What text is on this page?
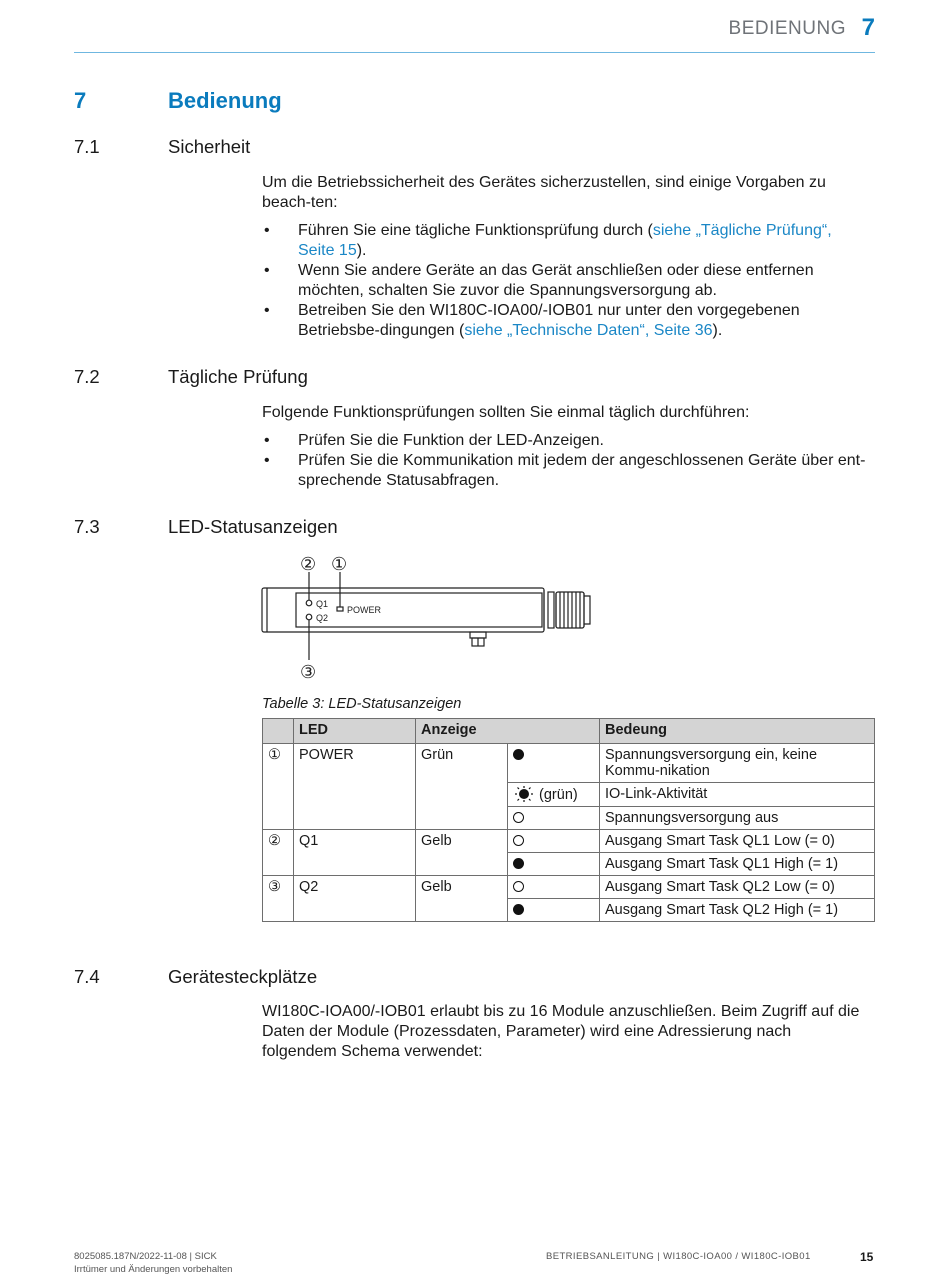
BEDIENUNG 7
7	Bedienung
7.1	Sicherheit
Um die Betriebssicherheit des Gerätes sicherzustellen, sind einige Vorgaben zu beach-ten:
• Führen Sie eine tägliche Funktionsprüfung durch (siehe „Tägliche Prüfung“, Seite 15).
• Wenn Sie andere Geräte an das Gerät anschließen oder diese entfernen möchten, schalten Sie zuvor die Spannungsversorgung ab.
• Betreiben Sie den WI180C-IOA00/-IOB01 nur unter den vorgegebenen Betriebsbe-dingungen (siehe „Technische Daten“, Seite 36).
7.2	Tägliche Prüfung
Folgende Funktionsprüfungen sollten Sie einmal täglich durchführen:
• Prüfen Sie die Funktion der LED-Anzeigen.
• Prüfen Sie die Kommunikation mit jedem der angeschlossenen Geräte über ent-sprechende Statusabfragen.
7.3	LED-Statusanzeigen
Q1
Q2
POWER
② ①
③
Tabelle 3: LED-Statusanzeigen
	LED	Anzeige		Bedeung
①	POWER	Grün		Spannungsversorgung ein, keine Kommu-nikation
			(grün)	IO-Link-Aktivität
				Spannungsversorgung aus
②	Q1	Gelb		Ausgang Smart Task QL1 Low (= 0)
				Ausgang Smart Task QL1 High (= 1)
③	Q2	Gelb		Ausgang Smart Task QL2 Low (= 0)
				Ausgang Smart Task QL2 High (= 1)
7.4	Gerätesteckplätze
WI180C-IOA00/-IOB01 erlaubt bis zu 16 Module anzuschließen. Beim Zugriff auf die Daten der Module (Prozessdaten, Parameter) wird eine Adressierung nach folgendem Schema verwendet:
8025085.187N/2022-11-08 | SICK
Irrtümer und Änderungen vorbehalten
BETRIEBSANLEITUNG | WI180C-IOA00 / WI180C-IOB01	15
